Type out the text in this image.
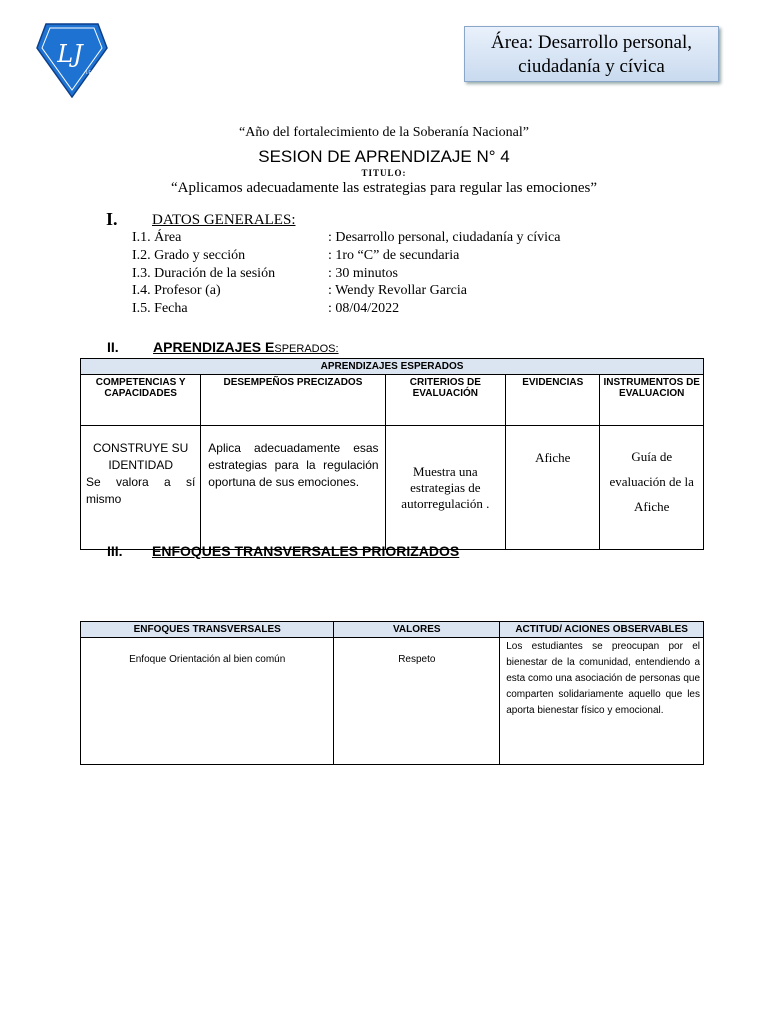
LJ
I.E. 7074
Área: Desarrollo personal,
ciudadanía y cívica
“Año del fortalecimiento de la Soberanía Nacional”
SESION DE APRENDIZAJE N° 4
TITULO:
“Aplicamos adecuadamente las estrategias para regular las emociones”
I. DATOS GENERALES:
I.1. Área	: Desarrollo personal, ciudadanía y cívica
I.2. Grado y sección	: 1ro “C” de secundaria
I.3. Duración de la sesión	: 30 minutos
I.4. Profesor (a)	: Wendy Revollar Garcia
I.5. Fecha	: 08/04/2022
II. APRENDIZAJES ESPERADOS:
APRENDIZAJES ESPERADOS				
COMPETENCIAS Y CAPACIDADES	DESEMPEÑOS PRECIZADOS	CRITERIOS DE EVALUACIÓN	EVIDENCIAS	INSTRUMENTOS DE EVALUACION

CONSTRUYE SU IDENTIDAD
Se valora a sí mismo	Aplica adecuadamente esas estrategias para la regulación oportuna de sus emociones.	Muestra una estrategias de autorregulación .	Afiche	Guía de evaluación de la Afiche
III. ENFOQUES TRANSVERSALES PRIORIZADOS
ENFOQUES TRANSVERSALES	VALORES	ACTITUD/ ACIONES OBSERVABLES
Enfoque Orientación al bien común	Respeto	Los estudiantes se preocupan por el bienestar de la comunidad, entendiendo a esta como una asociación de personas que comparten solidariamente aquello que les aporta bienestar físico y emocional.
